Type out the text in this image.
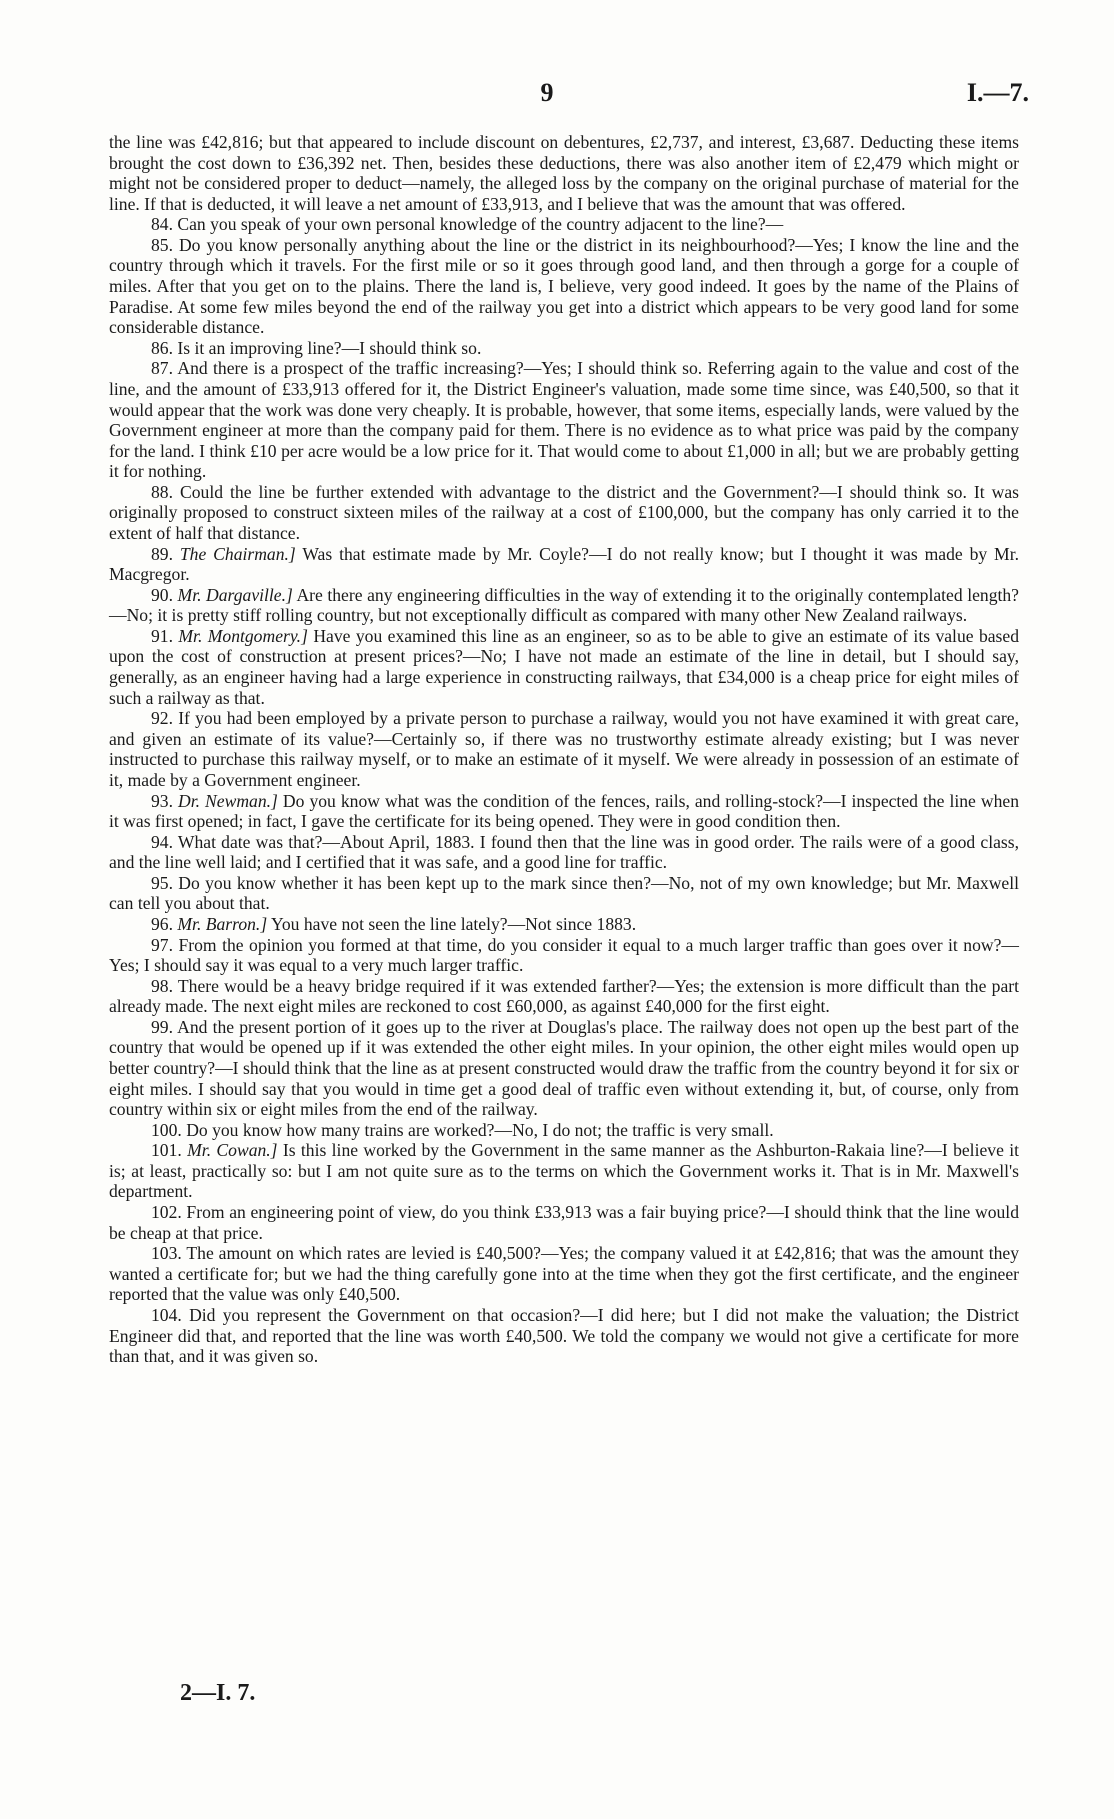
9	I.—7.

the line was £42,816; but that appeared to include discount on debentures, £2,737, and interest, £3,687. Deducting these items brought the cost down to £36,392 net. Then, besides these deductions, there was also another item of £2,479 which might or might not be considered proper to deduct—namely, the alleged loss by the company on the original purchase of material for the line. If that is deducted, it will leave a net amount of £33,913, and I believe that was the amount that was offered.

84. Can you speak of your own personal knowledge of the country adjacent to the line?—

85. Do you know personally anything about the line or the district in its neighbourhood?—Yes; I know the line and the country through which it travels. For the first mile or so it goes through good land, and then through a gorge for a couple of miles. After that you get on to the plains. There the land is, I believe, very good indeed. It goes by the name of the Plains of Paradise. At some few miles beyond the end of the railway you get into a district which appears to be very good land for some considerable distance.

86. Is it an improving line?—I should think so.

87. And there is a prospect of the traffic increasing?—Yes; I should think so. Referring again to the value and cost of the line, and the amount of £33,913 offered for it, the District Engineer's valuation, made some time since, was £40,500, so that it would appear that the work was done very cheaply. It is probable, however, that some items, especially lands, were valued by the Government engineer at more than the company paid for them. There is no evidence as to what price was paid by the company for the land. I think £10 per acre would be a low price for it. That would come to about £1,000 in all; but we are probably getting it for nothing.

88. Could the line be further extended with advantage to the district and the Government?—I should think so. It was originally proposed to construct sixteen miles of the railway at a cost of £100,000, but the company has only carried it to the extent of half that distance.

89. The Chairman.] Was that estimate made by Mr. Coyle?—I do not really know; but I thought it was made by Mr. Macgregor.

90. Mr. Dargaville.] Are there any engineering difficulties in the way of extending it to the originally contemplated length?—No; it is pretty stiff rolling country, but not exceptionally difficult as compared with many other New Zealand railways.

91. Mr. Montgomery.] Have you examined this line as an engineer, so as to be able to give an estimate of its value based upon the cost of construction at present prices?—No; I have not made an estimate of the line in detail, but I should say, generally, as an engineer having had a large experience in constructing railways, that £34,000 is a cheap price for eight miles of such a railway as that.

92. If you had been employed by a private person to purchase a railway, would you not have examined it with great care, and given an estimate of its value?—Certainly so, if there was no trustworthy estimate already existing; but I was never instructed to purchase this railway myself, or to make an estimate of it myself. We were already in possession of an estimate of it, made by a Government engineer.

93. Dr. Newman.] Do you know what was the condition of the fences, rails, and rolling-stock?—I inspected the line when it was first opened; in fact, I gave the certificate for its being opened. They were in good condition then.

94. What date was that?—About April, 1883. I found then that the line was in good order. The rails were of a good class, and the line well laid; and I certified that it was safe, and a good line for traffic.

95. Do you know whether it has been kept up to the mark since then?—No, not of my own knowledge; but Mr. Maxwell can tell you about that.

96. Mr. Barron.] You have not seen the line lately?—Not since 1883.

97. From the opinion you formed at that time, do you consider it equal to a much larger traffic than goes over it now?—Yes; I should say it was equal to a very much larger traffic.

98. There would be a heavy bridge required if it was extended farther?—Yes; the extension is more difficult than the part already made. The next eight miles are reckoned to cost £60,000, as against £40,000 for the first eight.

99. And the present portion of it goes up to the river at Douglas's place. The railway does not open up the best part of the country that would be opened up if it was extended the other eight miles. In your opinion, the other eight miles would open up better country?—I should think that the line as at present constructed would draw the traffic from the country beyond it for six or eight miles. I should say that you would in time get a good deal of traffic even without extending it, but, of course, only from country within six or eight miles from the end of the railway.

100. Do you know how many trains are worked?—No, I do not; the traffic is very small.

101. Mr. Cowan.] Is this line worked by the Government in the same manner as the Ashburton-Rakaia line?—I believe it is; at least, practically so: but I am not quite sure as to the terms on which the Government works it. That is in Mr. Maxwell's department.

102. From an engineering point of view, do you think £33,913 was a fair buying price?—I should think that the line would be cheap at that price.

103. The amount on which rates are levied is £40,500?—Yes; the company valued it at £42,816; that was the amount they wanted a certificate for; but we had the thing carefully gone into at the time when they got the first certificate, and the engineer reported that the value was only £40,500.

104. Did you represent the Government on that occasion?—I did here; but I did not make the valuation; the District Engineer did that, and reported that the line was worth £40,500. We told the company we would not give a certificate for more than that, and it was given so.

2—I. 7.
